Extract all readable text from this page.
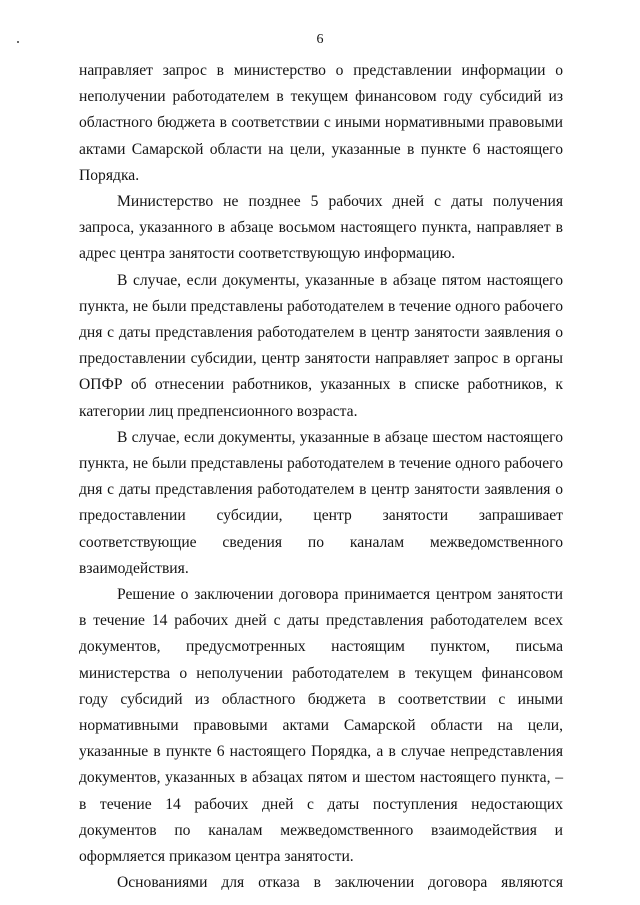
6

направляет запрос в министерство о представлении информации о неполучении работодателем в текущем финансовом году субсидий из областного бюджета в соответствии с иными нормативными правовыми актами Самарской области на цели, указанные в пункте 6 настоящего Порядка.

Министерство не позднее 5 рабочих дней с даты получения запроса, указанного в абзаце восьмом настоящего пункта, направляет в адрес центра занятости соответствующую информацию.

В случае, если документы, указанные в абзаце пятом настоящего пункта, не были представлены работодателем в течение одного рабочего дня с даты представления работодателем в центр занятости заявления о предоставлении субсидии, центр занятости направляет запрос в органы ОПФР об отнесении работников, указанных в списке работников, к категории лиц предпенсионного возраста.

В случае, если документы, указанные в абзаце шестом настоящего пункта, не были представлены работодателем в течение одного рабочего дня с даты представления работодателем в центр занятости заявления о предоставлении субсидии, центр занятости запрашивает соответствующие сведения по каналам межведомственного взаимодействия.

Решение о заключении договора принимается центром занятости в течение 14 рабочих дней с даты представления работодателем всех документов, предусмотренных настоящим пунктом, письма министерства о неполучении работодателем в текущем финансовом году субсидий из областного бюджета в соответствии с иными нормативными правовыми актами Самарской области на цели, указанные в пункте 6 настоящего Порядка, а в случае непредставления документов, указанных в абзацах пятом и шестом настоящего пункта, – в течение 14 рабочих дней с даты поступления недостающих документов по каналам межведомственного взаимодействия и оформляется приказом центра занятости.

Основаниями для отказа в заключении договора являются
